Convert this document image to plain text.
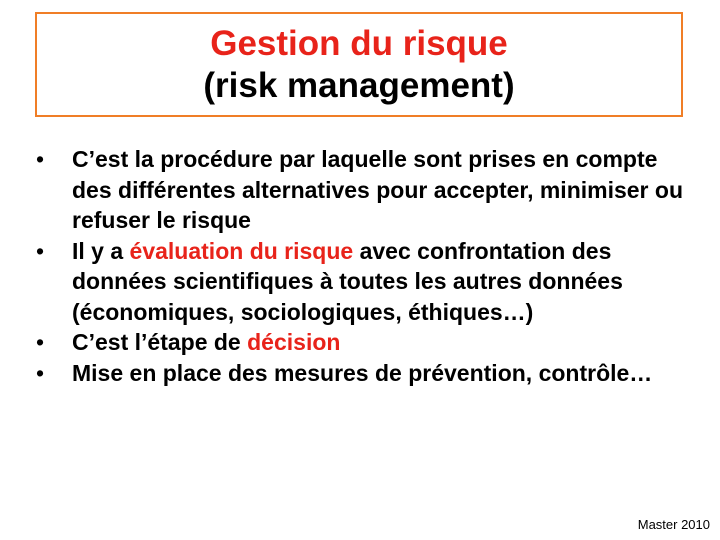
Gestion du risque
(risk management)
• C’est la procédure par laquelle sont prises en compte des différentes alternatives pour accepter, minimiser ou refuser le risque
• Il y a évaluation du risque avec confrontation des données scientifiques à toutes les autres données (économiques, sociologiques, éthiques…)
• C’est l’étape de décision
• Mise en place des mesures de prévention, contrôle…
Master 2010
